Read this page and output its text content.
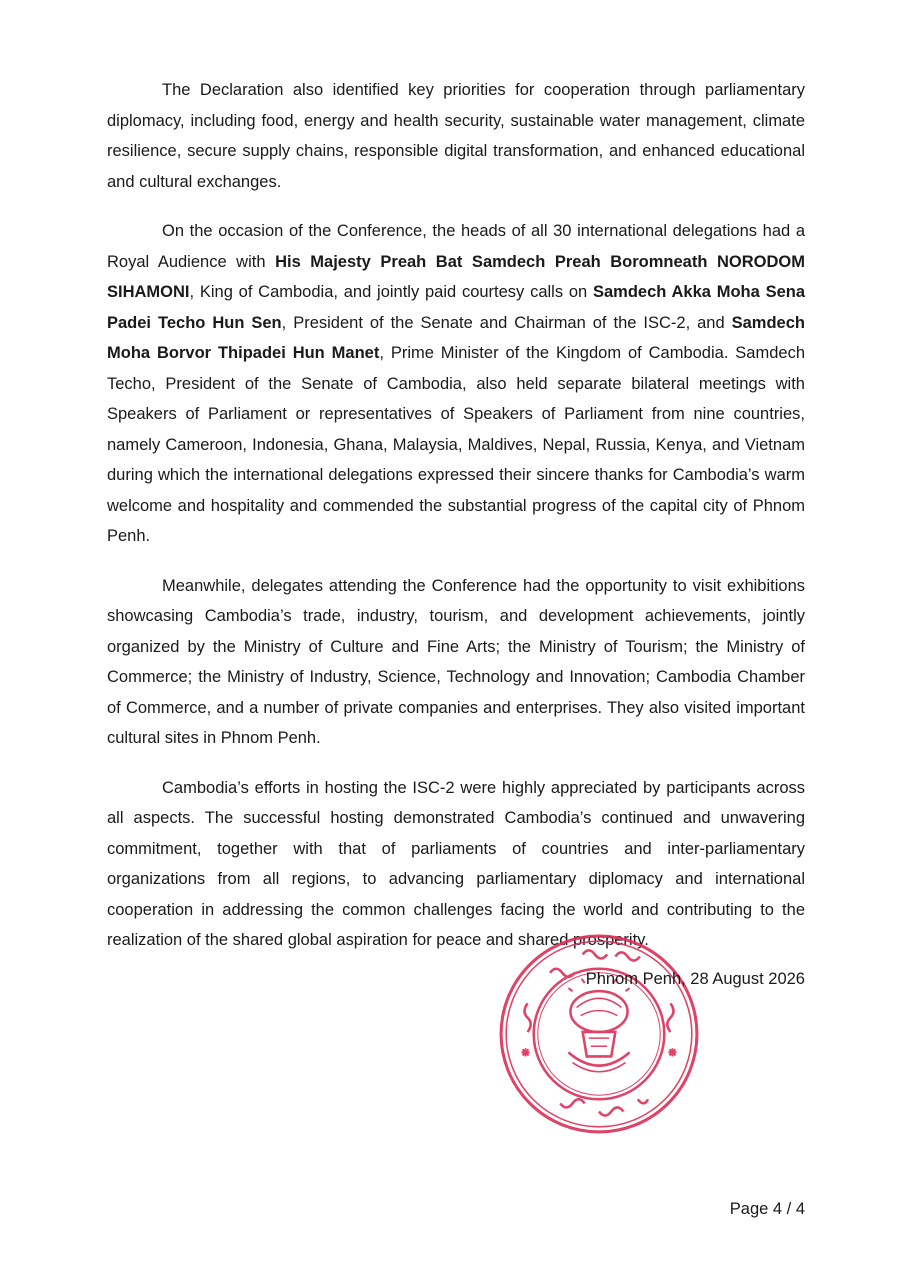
The Declaration also identified key priorities for cooperation through parliamentary diplomacy, including food, energy and health security, sustainable water management, climate resilience, secure supply chains, responsible digital transformation, and enhanced educational and cultural exchanges.

On the occasion of the Conference, the heads of all 30 international delegations had a Royal Audience with His Majesty Preah Bat Samdech Preah Boromneath NORODOM SIHAMONI, King of Cambodia, and jointly paid courtesy calls on Samdech Akka Moha Sena Padei Techo Hun Sen, President of the Senate and Chairman of the ISC-2, and Samdech Moha Borvor Thipadei Hun Manet, Prime Minister of the Kingdom of Cambodia. Samdech Techo, President of the Senate of Cambodia, also held separate bilateral meetings with Speakers of Parliament or representatives of Speakers of Parliament from nine countries, namely Cameroon, Indonesia, Ghana, Malaysia, Maldives, Nepal, Russia, Kenya, and Vietnam during which the international delegations expressed their sincere thanks for Cambodia’s warm welcome and hospitality and commended the substantial progress of the capital city of Phnom Penh.

Meanwhile, delegates attending the Conference had the opportunity to visit exhibitions showcasing Cambodia’s trade, industry, tourism, and development achievements, jointly organized by the Ministry of Culture and Fine Arts; the Ministry of Tourism; the Ministry of Commerce; the Ministry of Industry, Science, Technology and Innovation; Cambodia Chamber of Commerce, and a number of private companies and enterprises. They also visited important cultural sites in Phnom Penh.

Cambodia’s efforts in hosting the ISC-2 were highly appreciated by participants across all aspects. The successful hosting demonstrated Cambodia’s continued and unwavering commitment, together with that of parliaments of countries and inter-parliamentary organizations from all regions, to advancing parliamentary diplomacy and international cooperation in addressing the common challenges facing the world and contributing to the realization of the shared global aspiration for peace and shared prosperity.

Phnom Penh, 28 August 2026
Page 4 / 4
